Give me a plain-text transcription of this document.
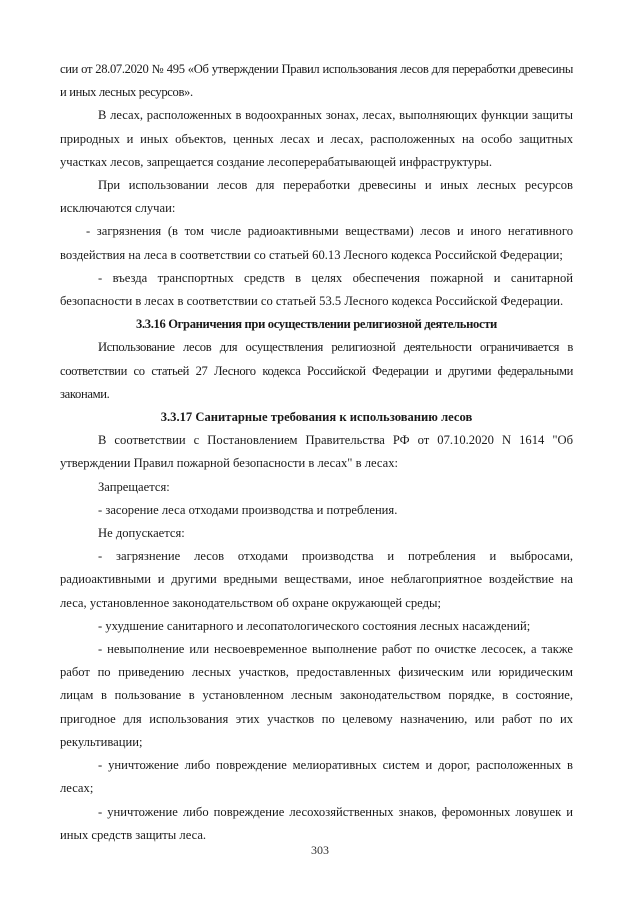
сии от 28.07.2020 № 495 «Об утверждении Правил использования лесов для переработки древесины и иных лесных ресурсов».

В лесах, расположенных в водоохранных зонах, лесах, выполняющих функции защиты природных и иных объектов, ценных лесах и лесах, расположенных на особо защитных участках лесов, запрещается создание лесоперерабатывающей инфраструктуры.

При использовании лесов для переработки древесины и иных лесных ресурсов исключаются случаи:

- загрязнения (в том числе радиоактивными веществами) лесов и иного негативного воздействия на леса в соответствии со статьей 60.13 Лесного кодекса Российской Федерации;

- въезда транспортных средств в целях обеспечения пожарной и санитарной безопасности в лесах в соответствии со статьей 53.5 Лесного кодекса Российской Федерации.

3.3.16 Ограничения при осуществлении религиозной деятельности

Использование лесов для осуществления религиозной деятельности ограничивается в соответствии со статьей 27 Лесного кодекса Российской Федерации и другими федеральными законами.

3.3.17 Санитарные требования к использованию лесов

В соответствии с Постановлением Правительства РФ от 07.10.2020 N 1614 "Об утверждении Правил пожарной безопасности в лесах" в лесах:

Запрещается:

- засорение леса отходами производства и потребления.

Не допускается:

- загрязнение лесов отходами производства и потребления и выбросами, радиоактивными и другими вредными веществами, иное неблагоприятное воздействие на леса, установленное законодательством об охране окружающей среды;

- ухудшение санитарного и лесопатологического состояния лесных насаждений;

- невыполнение или несвоевременное выполнение работ по очистке лесосек, а также работ по приведению лесных участков, предоставленных физическим или юридическим лицам в пользование в установленном лесным законодательством порядке, в состояние, пригодное для использования этих участков по целевому назначению, или работ по их рекультивации;

- уничтожение либо повреждение мелиоративных систем и дорог, расположенных в лесах;

- уничтожение либо повреждение лесохозяйственных знаков, феромонных ловушек и иных средств защиты леса.

303
